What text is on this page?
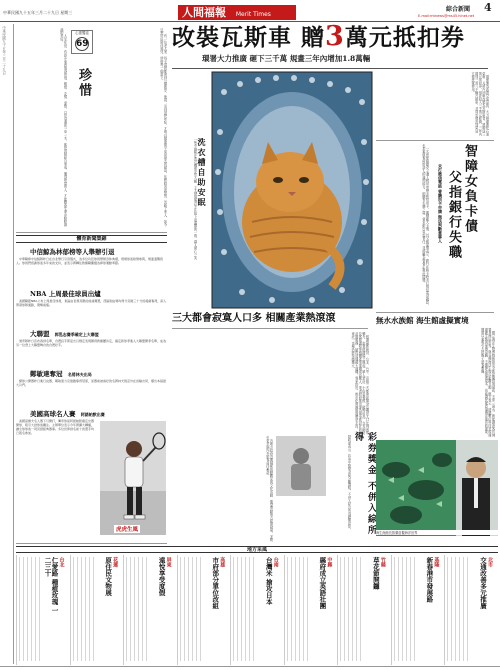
中華民國九十五年三月二十九日 星期三	人間福報 Merit Times
綜合新聞 4
E-mail:mtnews@ms45.hinet.net
中華民國九十五年三月二十九日	　　人生在世，有許多東西值得珍惜。親情、友情、愛情，以及身邊的一草一木，都是因緣和合而成。懂得珍惜的人，才能體會生命中點點滴滴的美好。	心靈饗宴
69
珍惜	　　有一位老人家，每天清晨都會到公園散步，他說：活到這把年紀，才明白健康與平安是最大的財富。年輕時汲汲營營，忽略了家人，如今只想好好陪伴孫兒，珍惜每一個當下。
體育新聞集錦
中信鯨為林郁榜等人舉辦引退
　中華職棒中信鯨隊昨日在台北舉行引退儀式，為多位功臣球員舉辦退休典禮，現場球迷熱情參與，場面溫馨感人。球員們感謝球迷多年來的支持，並表示將轉往教練職繼續為棒球運動奉獻。
NBA 上周最佳球員出爐
　美國職籃NBA公布上周最佳球員，東區由表現亮眼的前鋒獲選，西區則由場均得分突破三十分的後衛奪得，兩人帶領球隊連勝，聲勢看漲。
大聯盟 郭泓志賽季確定上大聯盟
　道奇隊昨日宣布春訓名單，台灣投手郭泓志以穩定表現獲得教練團肯定，確定新球季進入大聯盟開季名單，成為另一位登上大聯盟舞台的台灣好手。
鄭敏達奪冠 名將林夫出局
　網球公開賽昨日進行決賽，鄭敏達力克強敵奪得冠軍，而賽前被看好的名將林夫則意外在首輪出局，爆出本屆最大冷門。
美國高球名人賽 阿諾帕默出賽
　美國高爾夫名人賽下月開打，傳奇球星阿諾帕默確定出賽開球，吸引大批球迷關注。主辦單位表示今年將擴大轉播，讓全球球迷一同見證經典賽事。多位世界排名前十的選手均已報名參加。
虎虎生風
改裝瓦斯車 贈3萬元抵扣券
環署大力推廣 砸下三千萬 規畫三年內增加1.8萬輛
洗衣槽自助安眠
一隻小貓咪在洗衣機裡安然入睡，主人發現後忍不住拍下這溫馨的一幕，讓人會心一笑
　環保署為改善空氣品質，大力推廣液化石油氣車，凡將汽油車改裝為瓦斯車者，將贈送三萬元抵扣券，預計投入三千萬元經費，三年內增加一萬八千輛瓦斯車，並同步增設加氣站，方便民眾使用。
　一名智能障礙女子遭人利用申辦多張信用卡，累積龐大卡債，其父親氣憤表示，銀行在核卡時未打徵信電話確認，也未審慎查核申請人的識別能力，明顯有失職之處，要求銀行負起責任，並呼籲金管會正視此問題。	未打徵信電話 曾識別卡申請 無法判斷當事人 智障女負卡債
父指銀行失職
三大都會寂寞人口多 相關產業熱滾滾
　根據最新統計，台北、台中、高雄三大都會區單身及獨居人口比例逐年攀升，寂寞經濟隨之興起。單人套房、小份量餐飲、寵物用品、交友網站及休閒課程等相關產業業績成長驚人，業者紛紛推出專為單身族設計的商品與服務，搶攻這塊龐大商機。專家指出，都市化與晚婚趨勢是主因，未來此一市場仍將持續擴大。
無水水族館 海生館虛擬實境
　國立海洋生物博物館推出全新虛擬實境展區，不需一滴水，就能讓遊客彷彿置身海底世界，與各種海洋生物近距離互動。館方表示，透過數位科技呈現珊瑚礁生態與深海奇觀，不僅節省維護成本，也能讓民眾認識海洋保育的重要，開幕以來吸引大批親子遊客參觀。
彩券獎金 不併入綜所得
　財政部表示，彩券中獎獎金採分離課稅，不併入綜合所得總額計算。
　各地方政府近期積極推動觀光與文化活動，期望帶動地方經濟發展，並吸引更多國內外旅客前往參訪。
海生館館長推廣虛擬海洋世界
地方采風
仁愛路 種植玫瑰 一二三十	台北	原住民文物展 花蓮	遠悅享受度假 屏東	市府部分單位改組 高雄	台灣米 搶攻日本 台南	縣府成立英語社團 中縣	草花節開鑼 竹縣	新春港市發展路 基隆	交通改善多元推廣 北市
